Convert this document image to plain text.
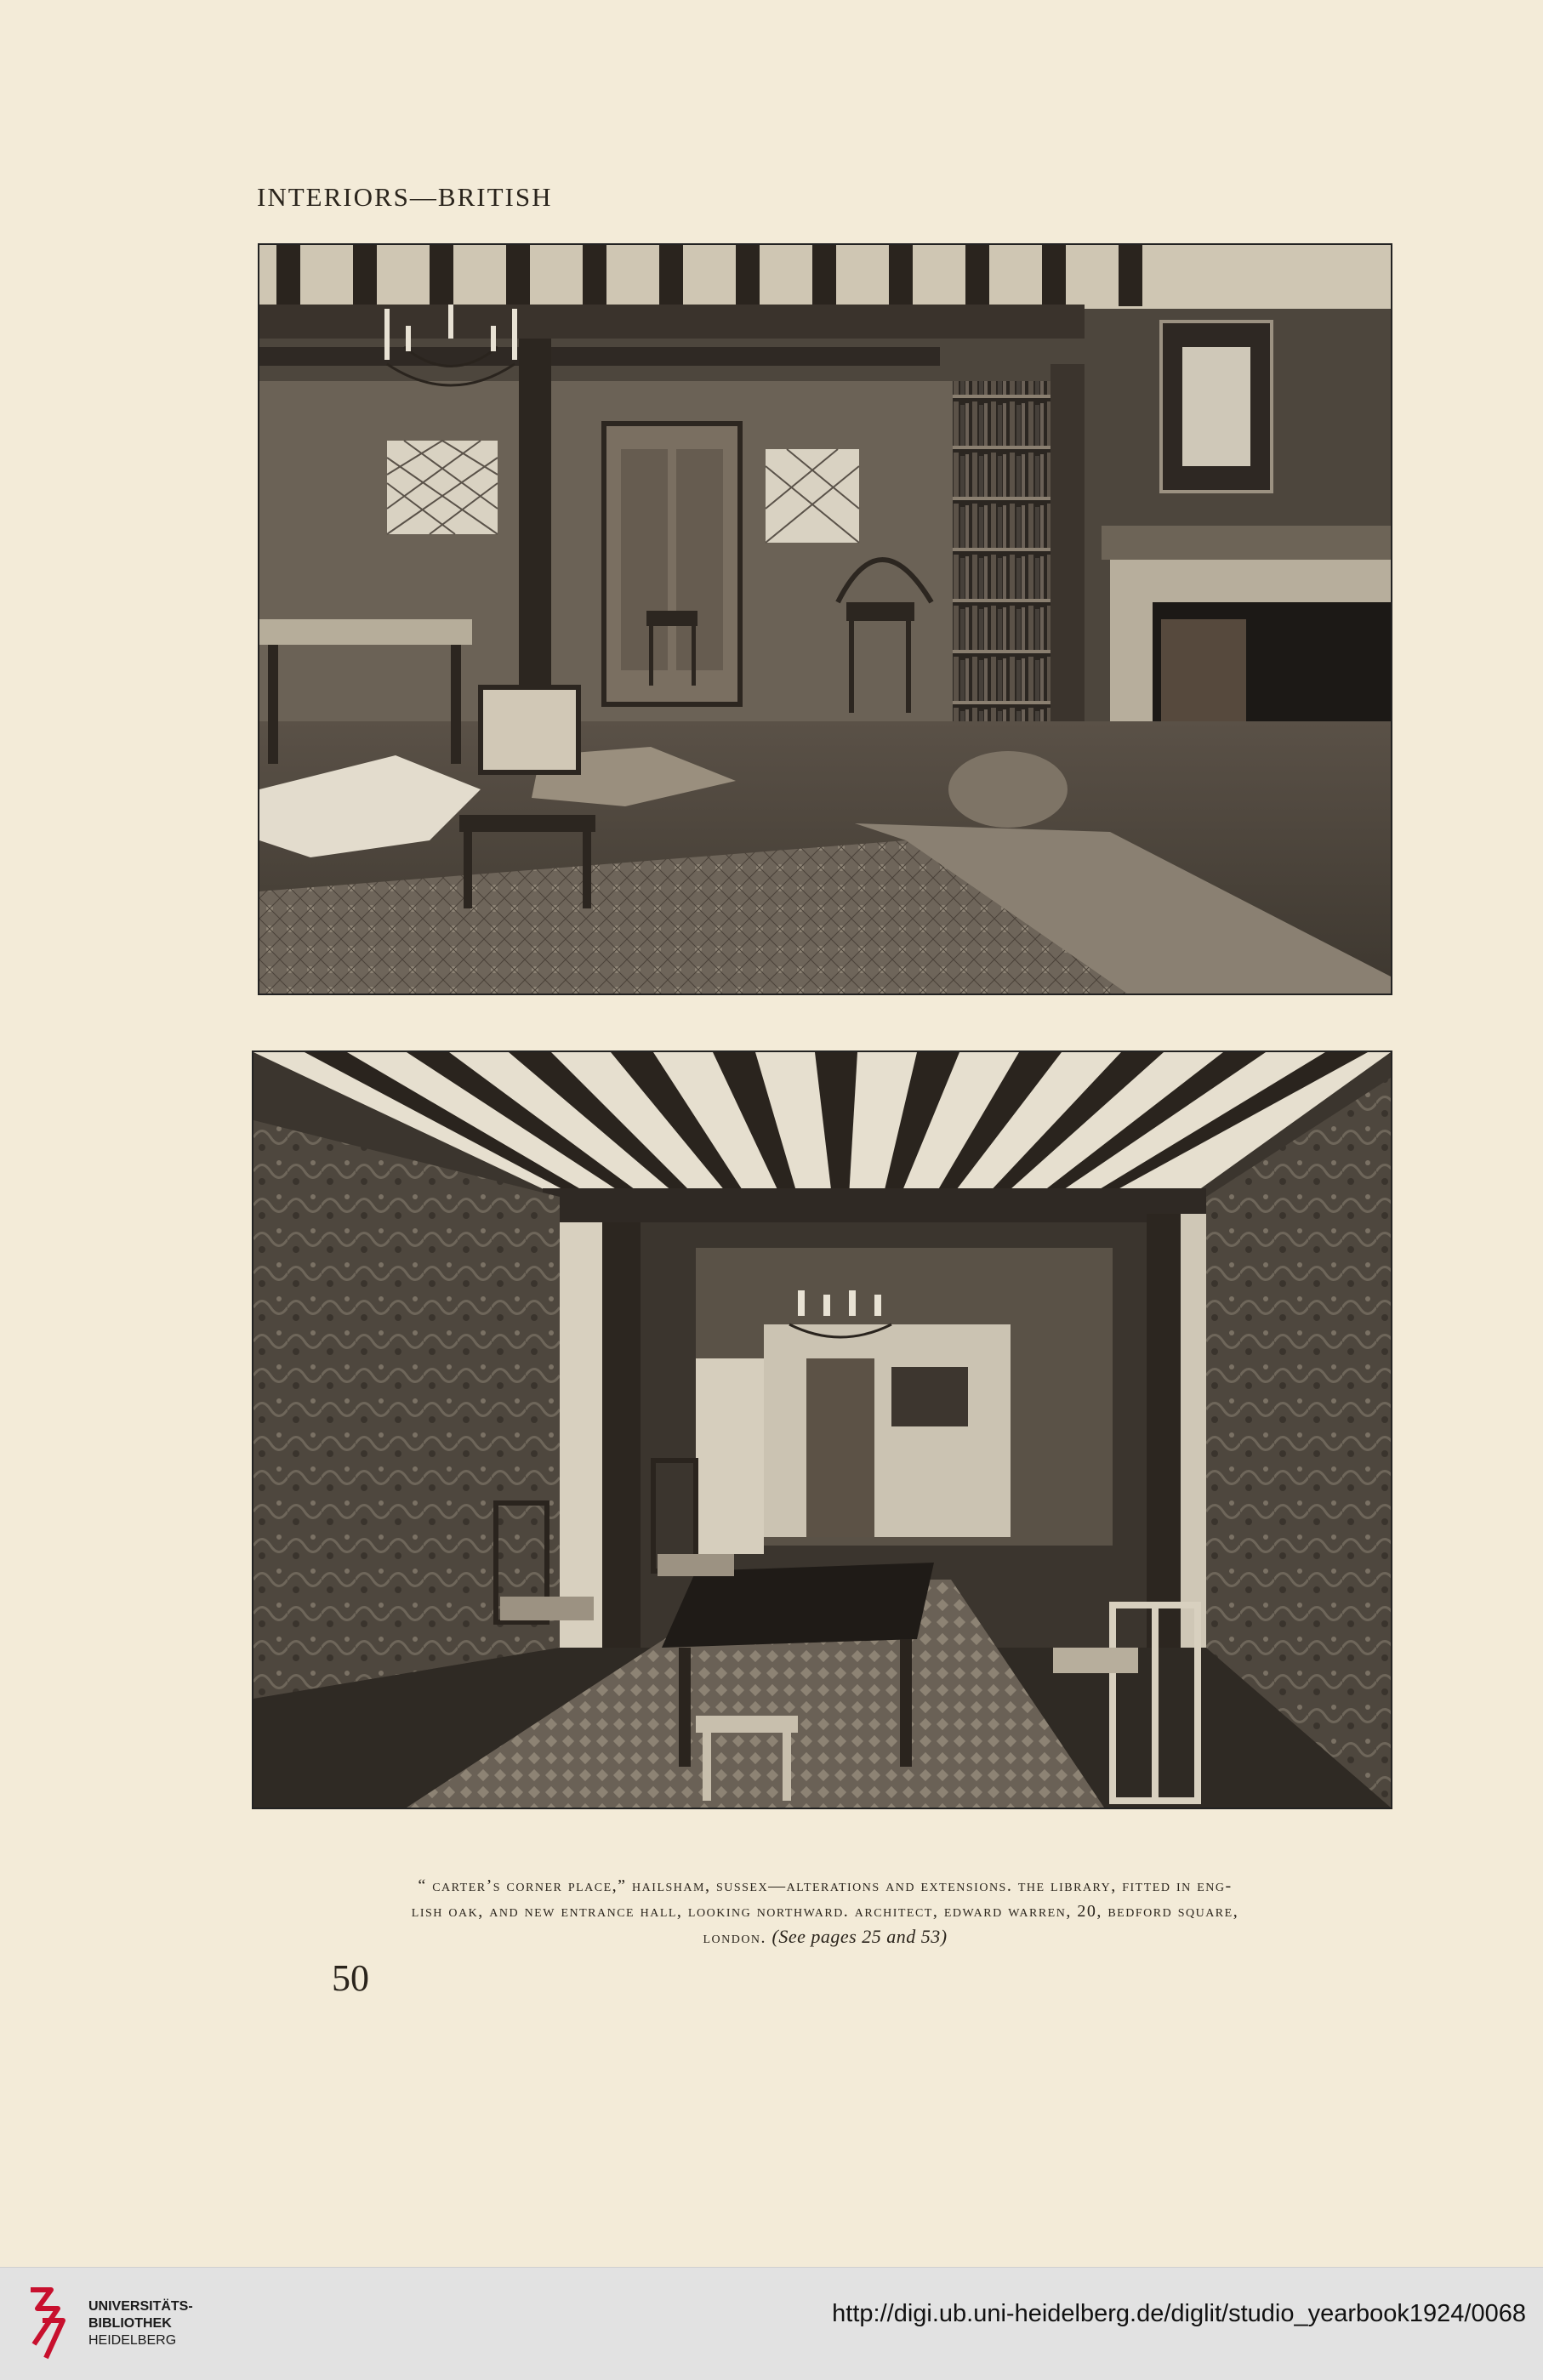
INTERIORS—BRITISH
“ carter’s corner place,” hailsham, sussex—alterations and extensions. the library, fitted in eng-
lish oak, and new entrance hall, looking northward. architect, edward warren, 20, bedford square,
london. (See pages 25 and 53)
50
UNIVERSITÄTS-
BIBLIOTHEK
HEIDELBERG
http://digi.ub.uni-heidelberg.de/diglit/studio_yearbook1924/0068
